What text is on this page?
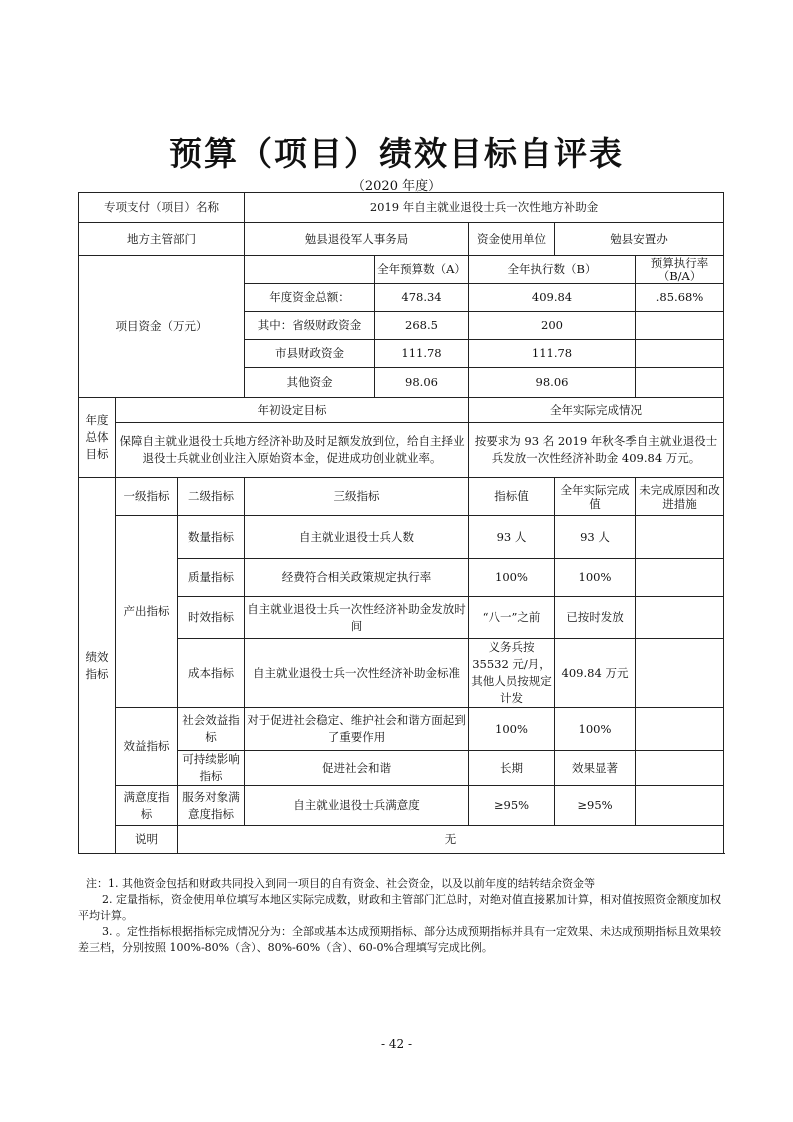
预算（项目）绩效目标自评表
（2020 年度）
专项支付（项目）名称			2019 年自主就业退役士兵一次性地方补助金				
地方主管部门			勉县退役军人事务局		资金使用单位	勉县安置办	
项目资金（万元）				全年预算数（A）	全年执行数（B）		预算执行率（B/A）
			年度资金总额：	478.34	409.84		.85.68%
			其中：省级财政资金	268.5	200		
			市县财政资金	111.78	111.78		
			其他资金	98.06	98.06		
年度总体目标	年初设定目标				全年实际完成情况		
	保障自主就业退役士兵地方经济补助及时足额发放到位，给自主择业退役士兵就业创业注入原始资本金，促进成功创业就业率。				按要求为 93 名 2019 年秋冬季自主就业退役士兵发放一次性经济补助金 409.84 万元。		
绩效指标	一级指标	二级指标	三级指标		指标值	全年实际完成值	未完成原因和改进措施
	产出指标	数量指标	自主就业退役士兵人数		93 人	93 人	
		质量指标	经费符合相关政策规定执行率		100%	100%	
		时效指标	自主就业退役士兵一次性经济补助金发放时间		“八一”之前	已按时发放	
		成本指标	自主就业退役士兵一次性经济补助金标准		义务兵按 35532 元/月，其他人员按规定计发	409.84 万元	
	效益指标	社会效益指标	对于促进社会稳定、维护社会和谐方面起到了重要作用		100%	100%	
		可持续影响指标	促进社会和谐		长期	效果显著	
	满意度指标	服务对象满意度指标	自主就业退役士兵满意度		≥95%	≥95%	
	说明	无					

注：1. 其他资金包括和财政共同投入到同一项目的自有资金、社会资金，以及以前年度的结转结余资金等

2. 定量指标，资金使用单位填写本地区实际完成数，财政和主管部门汇总时，对绝对值直接累加计算，相对值按照资金额度加权平均计算。

3. 。定性指标根据指标完成情况分为：全部或基本达成预期指标、部分达成预期指标并具有一定效果、未达成预期指标且效果较差三档，分别按照 100%-80%（含）、80%-60%（含）、60-0%合理填写完成比例。

- 42 -
